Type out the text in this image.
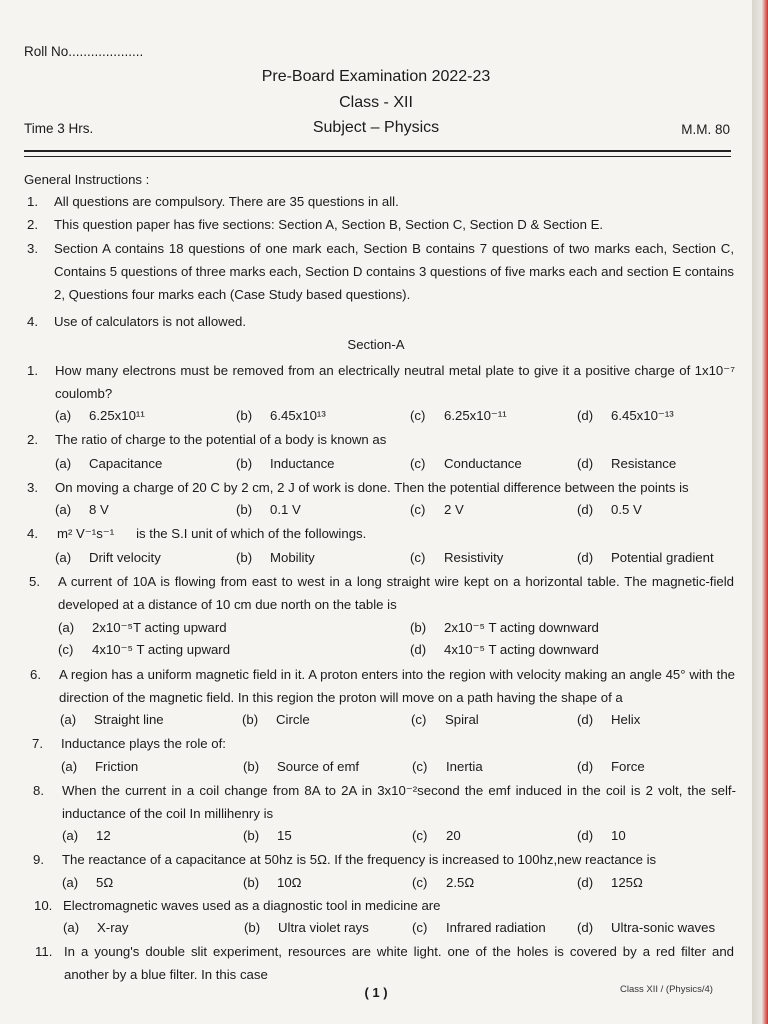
Roll No....................
Pre-Board Examination 2022-23
Class - XII
Time 3 Hrs.	Subject – Physics	M.M. 80
General Instructions :
1. All questions are compulsory. There are 35 questions in all.
2. This question paper has five sections: Section A, Section B, Section C, Section D & Section E.
3. Section A contains 18 questions of one mark each, Section B contains 7 questions of two marks each, Section C, Contains 5 questions of three marks each, Section D contains 3 questions of five marks each and section E contains 2, Questions four marks each (Case Study based questions).
4. Use of calculators is not allowed.
Section-A
1. How many electrons must be removed from an electrically neutral metal plate to give it a positive charge of 1x10⁻⁷ coulomb?
(a) 6.25x10¹¹	(b) 6.45x10¹³	(c) 6.25x10⁻¹¹	(d) 6.45x10⁻¹³
2. The ratio of charge to the potential of a body is known as
(a) Capacitance	(b) Inductance	(c) Conductance	(d) Resistance
3. On moving a charge of 20 C by 2 cm, 2 J of work is done. Then the potential difference between the points is
(a) 8 V	(b) 0.1 V	(c) 2 V	(d) 0.5 V
4. m² V⁻¹s⁻¹      is the S.I unit of which of the followings.
(a) Drift velocity	(b) Mobility	(c) Resistivity	(d) Potential gradient
5. A current of 10A is flowing from east to west in a long straight wire kept on a horizontal table. The magnetic-field developed at a distance of 10 cm due north on the table is
(a) 2x10⁻⁵T acting upward	(b) 2x10⁻⁵ T acting downward
(c) 4x10⁻⁵ T acting upward	(d) 4x10⁻⁵ T acting downward
6. A region has a uniform magnetic field in it. A proton enters into the region with velocity making an angle 45° with the direction of the magnetic field. In this region the proton will move on a path having the shape of a
(a) Straight line	(b) Circle	(c) Spiral	(d) Helix
7. Inductance plays the role of:
(a) Friction	(b) Source of emf	(c) Inertia	(d) Force
8. When the current in a coil change from 8A to 2A in 3x10⁻²second the emf induced in the coil is 2 volt, the self-inductance of the coil In millihenry is
(a) 12	(b) 15	(c) 20	(d) 10
9. The reactance of a capacitance at 50hz is 5Ω. If the frequency is increased to 100hz,new reactance is
(a) 5Ω	(b) 10Ω	(c) 2.5Ω	(d) 125Ω
10. Electromagnetic waves used as a diagnostic tool in medicine are
(a) X-ray	(b) Ultra violet rays	(c) Infrared radiation (d) Ultra-sonic waves
11. In a young's double slit experiment, resources are white light. one of the holes is covered by a red filter and another by a blue filter. In this case
( 1 )	Class XII / (Physics/4)
